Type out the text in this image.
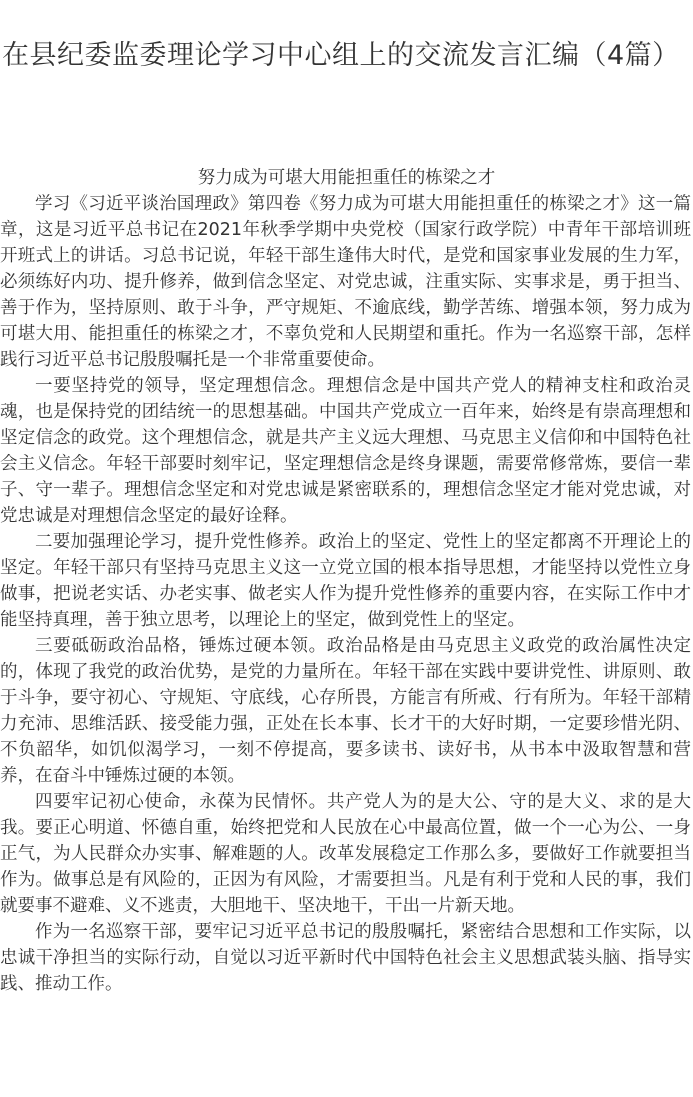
在县纪委监委理论学习中心组上的交流发言汇编（4篇）

努力成为可堪大用能担重任的栋梁之才

学习《习近平谈治国理政》第四卷《努力成为可堪大用能担重任的栋梁之才》这一篇章，这是习近平总书记在2021年秋季学期中央党校（国家行政学院）中青年干部培训班开班式上的讲话。习总书记说，年轻干部生逢伟大时代，是党和国家事业发展的生力军，必须练好内功、提升修养，做到信念坚定、对党忠诚，注重实际、实事求是，勇于担当、善于作为，坚持原则、敢于斗争，严守规矩、不逾底线，勤学苦练、增强本领，努力成为可堪大用、能担重任的栋梁之才，不辜负党和人民期望和重托。作为一名巡察干部，怎样践行习近平总书记殷殷嘱托是一个非常重要使命。

一要坚持党的领导，坚定理想信念。理想信念是中国共产党人的精神支柱和政治灵魂，也是保持党的团结统一的思想基础。中国共产党成立一百年来，始终是有崇高理想和坚定信念的政党。这个理想信念，就是共产主义远大理想、马克思主义信仰和中国特色社会主义信念。年轻干部要时刻牢记，坚定理想信念是终身课题，需要常修常炼，要信一辈子、守一辈子。理想信念坚定和对党忠诚是紧密联系的，理想信念坚定才能对党忠诚，对党忠诚是对理想信念坚定的最好诠释。

二要加强理论学习，提升党性修养。政治上的坚定、党性上的坚定都离不开理论上的坚定。年轻干部只有坚持马克思主义这一立党立国的根本指导思想，才能坚持以党性立身做事，把说老实话、办老实事、做老实人作为提升党性修养的重要内容，在实际工作中才能坚持真理，善于独立思考，以理论上的坚定，做到党性上的坚定。

三要砥砺政治品格，锤炼过硬本领。政治品格是由马克思主义政党的政治属性决定的，体现了我党的政治优势，是党的力量所在。年轻干部在实践中要讲党性、讲原则、敢于斗争，要守初心、守规矩、守底线，心存所畏，方能言有所戒、行有所为。年轻干部精力充沛、思维活跃、接受能力强，正处在长本事、长才干的大好时期，一定要珍惜光阴、不负韶华，如饥似渴学习，一刻不停提高，要多读书、读好书，从书本中汲取智慧和营养，在奋斗中锤炼过硬的本领。

四要牢记初心使命，永葆为民情怀。共产党人为的是大公、守的是大义、求的是大我。要正心明道、怀德自重，始终把党和人民放在心中最高位置，做一个一心为公、一身正气，为人民群众办实事、解难题的人。改革发展稳定工作那么多，要做好工作就要担当作为。做事总是有风险的，正因为有风险，才需要担当。凡是有利于党和人民的事，我们就要事不避难、义不逃责，大胆地干、坚决地干，干出一片新天地。

作为一名巡察干部，要牢记习近平总书记的殷殷嘱托，紧密结合思想和工作实际，以忠诚干净担当的实际行动，自觉以习近平新时代中国特色社会主义思想武装头脑、指导实践、推动工作。
